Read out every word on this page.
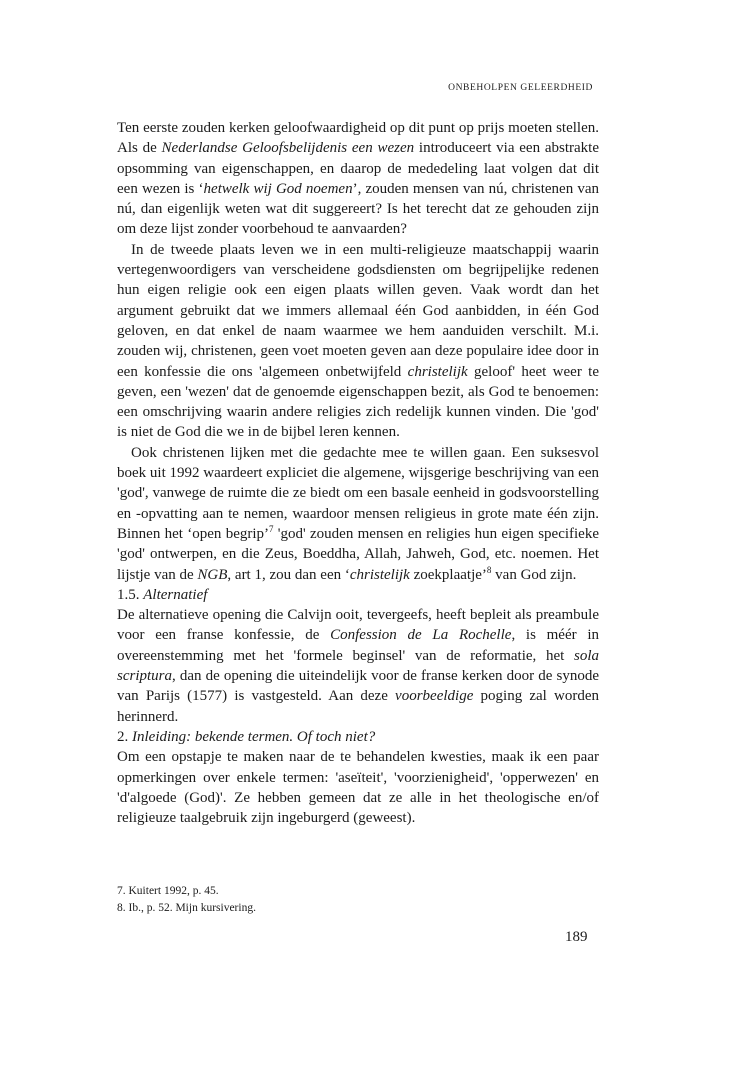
ONBEHOLPEN GELEERDHEID

Ten eerste zouden kerken geloofwaardigheid op dit punt op prijs moeten stellen. Als de Nederlandse Geloofsbelijdenis een wezen introduceert via een abstrakte opsomming van eigenschappen, en daarop de mededeling laat volgen dat dit een wezen is ‘hetwelk wij God noemen’, zouden mensen van nú, christenen van nú, dan eigenlijk weten wat dit suggereert? Is het terecht dat ze gehouden zijn om deze lijst zonder voorbehoud te aanvaarden?

In de tweede plaats leven we in een multi-religieuze maatschappij waarin vertegenwoordigers van verscheidene godsdiensten om begrijpelijke redenen hun eigen religie ook een eigen plaats willen geven. Vaak wordt dan het argument gebruikt dat we immers allemaal één God aanbidden, in één God geloven, en dat enkel de naam waarmee we hem aanduiden verschilt. M.i. zouden wij, christenen, geen voet moeten geven aan deze populaire idee door in een konfessie die ons 'algemeen onbetwijfeld christelijk geloof' heet weer te geven, een 'wezen' dat de genoemde eigenschappen bezit, als God te benoemen: een omschrijving waarin andere religies zich redelijk kunnen vinden. Die 'god' is niet de God die we in de bijbel leren kennen.

Ook christenen lijken met die gedachte mee te willen gaan. Een suksesvol boek uit 1992 waardeert expliciet die algemene, wijsgerige beschrijving van een 'god', vanwege de ruimte die ze biedt om een basale eenheid in godsvoorstelling en -opvatting aan te nemen, waardoor mensen religieus in grote mate één zijn. Binnen het ‘open begrip’$^7$ 'god' zouden mensen en religies hun eigen specifieke 'god' ontwerpen, en die Zeus, Boeddha, Allah, Jahweh, God, etc. noemen. Het lijstje van de NGB, art 1, zou dan een ‘christelijk zoekplaatje’$^8$ van God zijn.

1.5. Alternatief

De alternatieve opening die Calvijn ooit, tevergeefs, heeft bepleit als preambule voor een franse konfessie, de Confession de La Rochelle, is méér in overeenstemming met het 'formele beginsel' van de reformatie, het sola scriptura, dan de opening die uiteindelijk voor de franse kerken door de synode van Parijs (1577) is vastgesteld. Aan deze voorbeeldige poging zal worden herinnerd.

2. Inleiding: bekende termen. Of toch niet?

Om een opstapje te maken naar de te behandelen kwesties, maak ik een paar opmerkingen over enkele termen: 'aseïteit', 'voorzienigheid', 'opperwezen' en 'd'algoede (God)'. Ze hebben gemeen dat ze alle in het theologische en/of religieuze taalgebruik zijn ingeburgerd (geweest).

7. Kuitert 1992, p. 45.

8. Ib., p. 52. Mijn kursivering.

189
